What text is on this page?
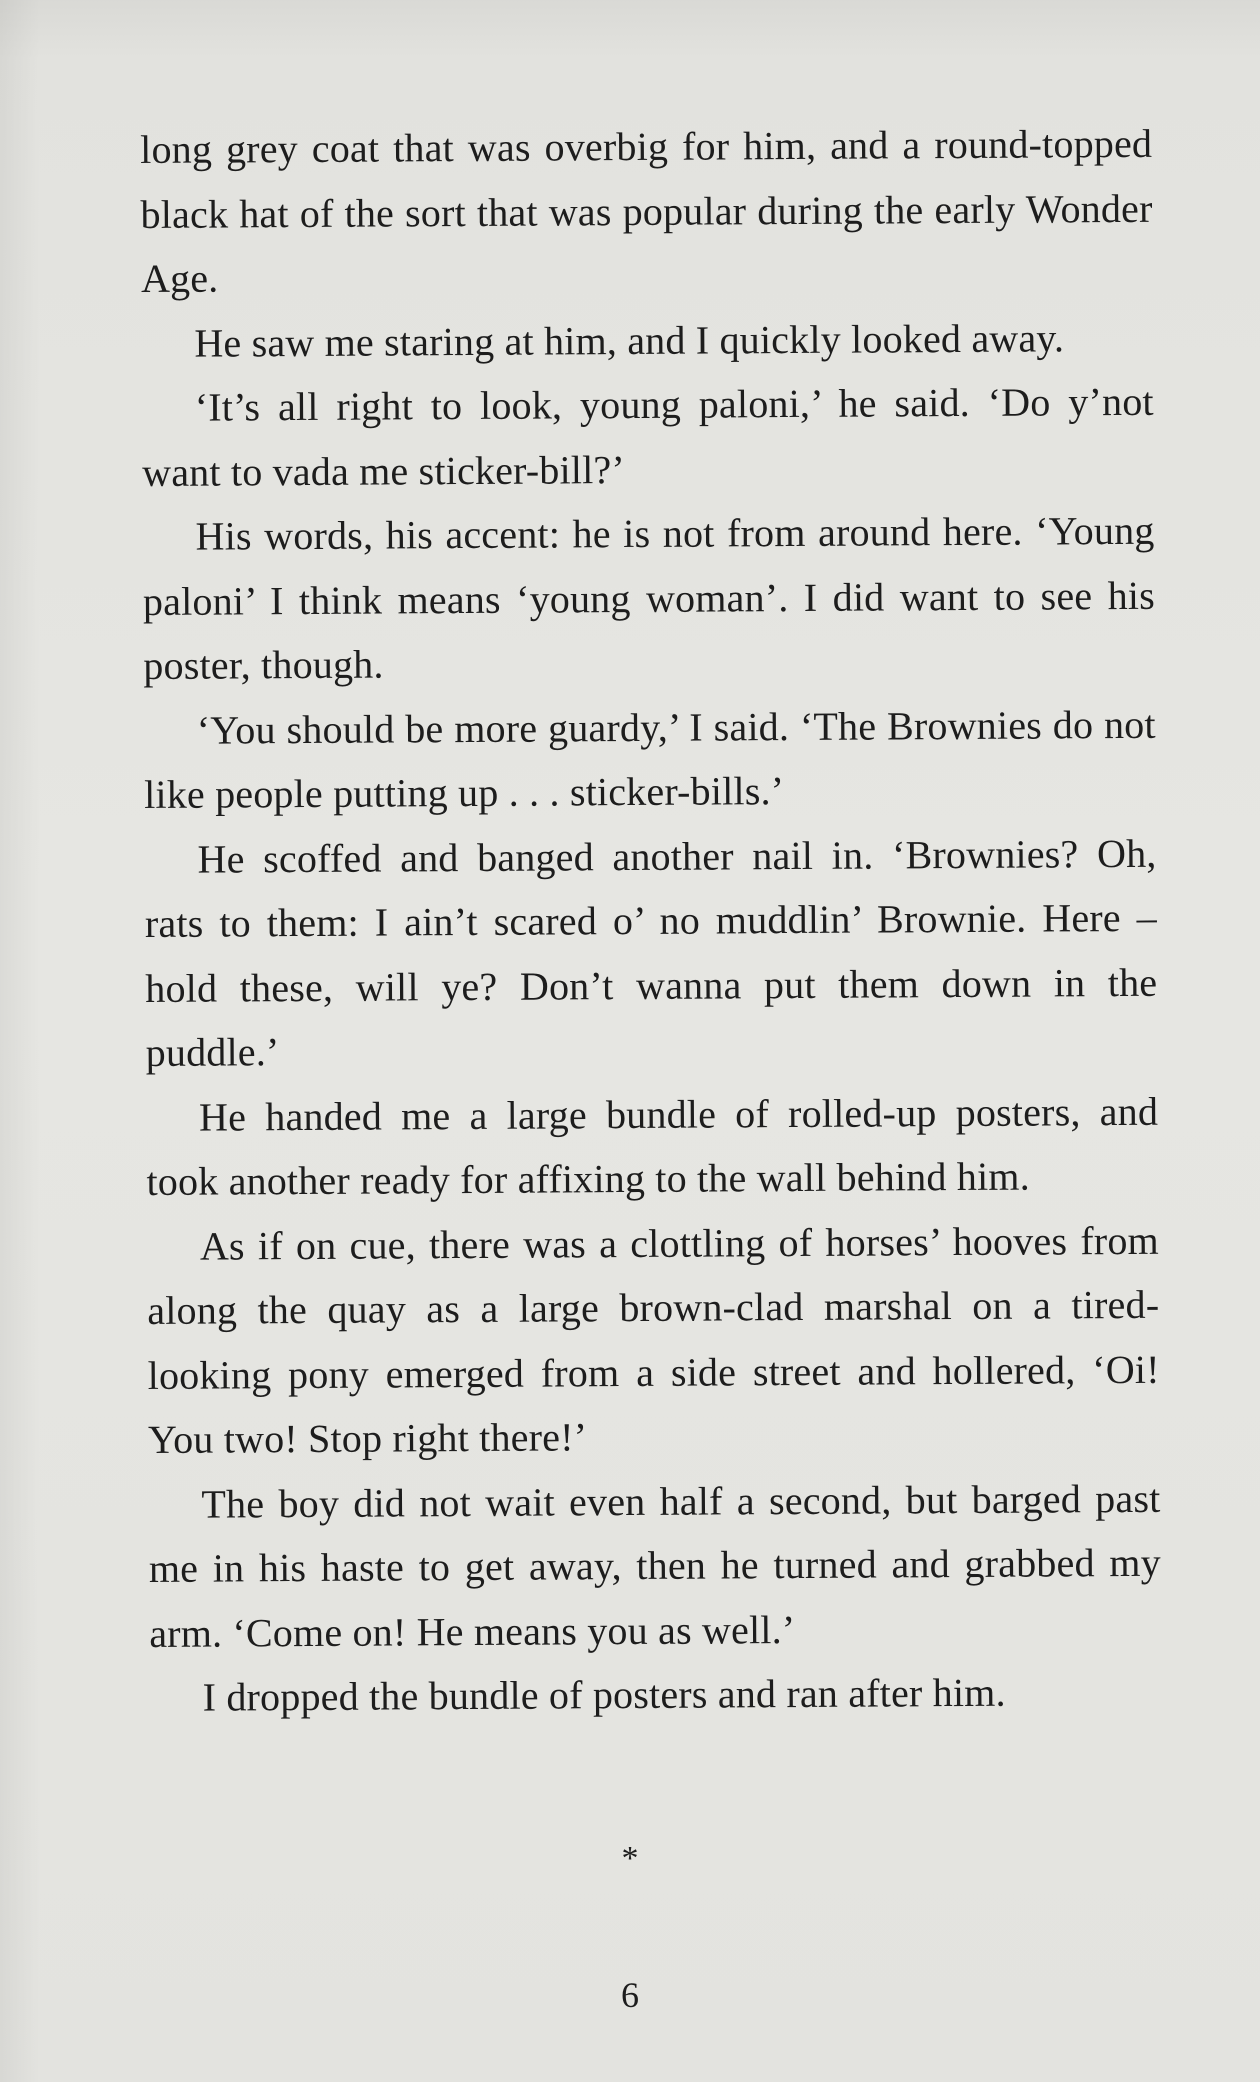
long grey coat that was overbig for him, and a round-topped black hat of the sort that was popular during the early Wonder Age.

He saw me staring at him, and I quickly looked away.

‘It’s all right to look, young paloni,’ he said. ‘Do y’not want to vada me sticker-bill?’

His words, his accent: he is not from around here. ‘Young paloni’ I think means ‘young woman’. I did want to see his poster, though.

‘You should be more guardy,’ I said. ‘The Brownies do not like people putting up . . . sticker-bills.’

He scoffed and banged another nail in. ‘Brownies? Oh, rats to them: I ain’t scared o’ no muddlin’ Brownie. Here – hold these, will ye? Don’t wanna put them down in the puddle.’

He handed me a large bundle of rolled-up posters, and took another ready for affixing to the wall behind him.

As if on cue, there was a clottling of horses’ hooves from along the quay as a large brown-clad marshal on a tired-looking pony emerged from a side street and hollered, ‘Oi! You two! Stop right there!’

The boy did not wait even half a second, but barged past me in his haste to get away, then he turned and grabbed my arm. ‘Come on! He means you as well.’

I dropped the bundle of posters and ran after him.

*
6
